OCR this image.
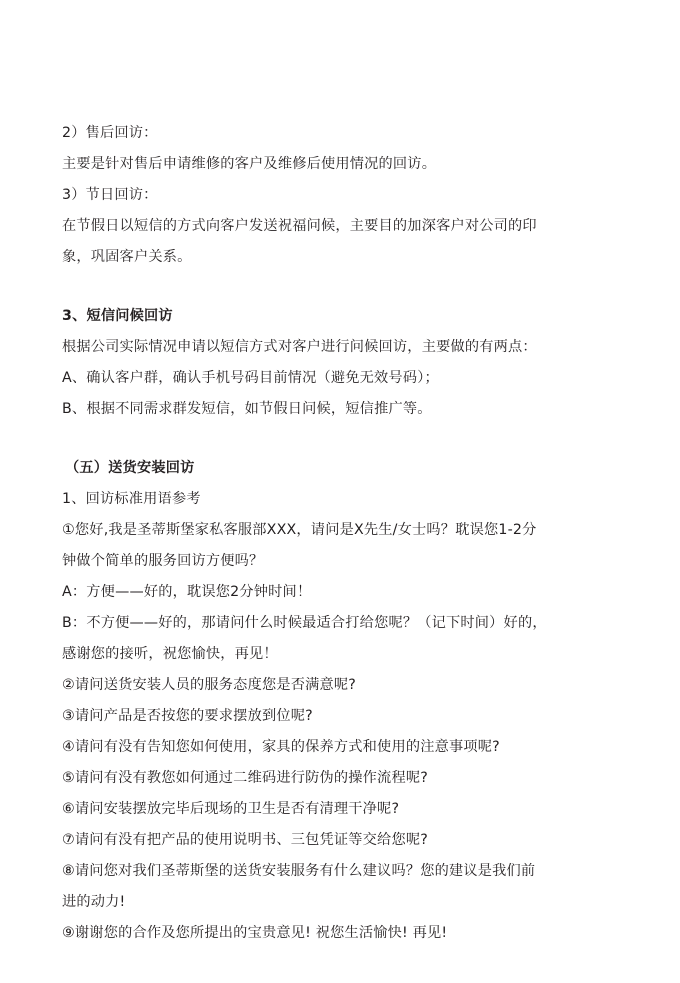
2）售后回访：
主要是针对售后申请维修的客户及维修后使用情况的回访。
3）节日回访：
在节假日以短信的方式向客户发送祝福问候，主要目的加深客户对公司的印
象，巩固客户关系。
3、短信问候回访
根据公司实际情况申请以短信方式对客户进行问候回访，主要做的有两点：
A、确认客户群，确认手机号码目前情况（避免无效号码）；
B、根据不同需求群发短信，如节假日问候，短信推广等。
（五）送货安装回访
1、回访标准用语参考
①您好,我是圣蒂斯堡家私客服部XXX，请问是X先生/女士吗？耽误您1-2分
钟做个简单的服务回访方便吗？
A：方便——好的，耽误您2分钟时间！
B：不方便——好的，那请问什么时候最适合打给您呢？（记下时间）好的，
感谢您的接听，祝您愉快，再见！
②请问送货安装人员的服务态度您是否满意呢?
③请问产品是否按您的要求摆放到位呢?
④请问有没有告知您如何使用，家具的保养方式和使用的注意事项呢?
⑤请问有没有教您如何通过二维码进行防伪的操作流程呢?
⑥请问安装摆放完毕后现场的卫生是否有清理干净呢?
⑦请问有没有把产品的使用说明书、三包凭证等交给您呢?
⑧请问您对我们圣蒂斯堡的送货安装服务有什么建议吗？您的建议是我们前
进的动力!
⑨谢谢您的合作及您所提出的宝贵意见! 祝您生活愉快! 再见!
